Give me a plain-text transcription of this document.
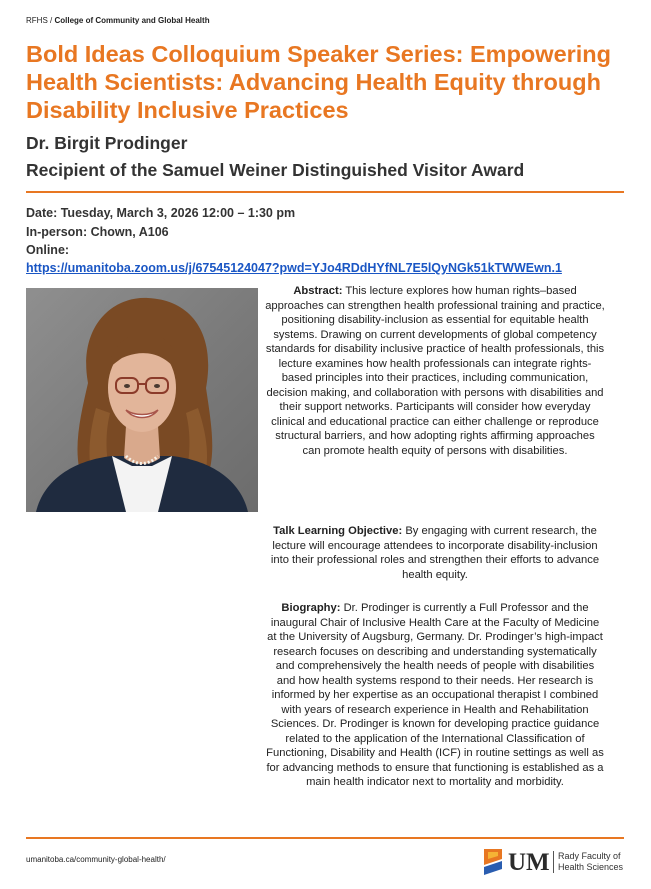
RFHS / College of Community and Global Health
Bold Ideas Colloquium Speaker Series: Empowering Health Scientists: Advancing Health Equity through Disability Inclusive Practices
Dr. Birgit Prodinger
Recipient of the Samuel Weiner Distinguished Visitor Award
Date: Tuesday, March 3, 2026 12:00 – 1:30 pm
In-person: Chown, A106
Online:
https://umanitoba.zoom.us/j/67545124047?pwd=YJo4RDdHYfNL7E5lQyNGk51kTWWEwn.1
Abstract: This lecture explores how human rights–based approaches can strengthen health professional training and practice, positioning disability-inclusion as essential for equitable health systems. Drawing on current developments of global competency standards for disability inclusive practice of health professionals, this lecture examines how health professionals can integrate rights-based principles into their practices, including communication, decision making, and collaboration with persons with disabilities and their support networks. Participants will consider how everyday clinical and educational practice can either challenge or reproduce structural barriers, and how adopting rights affirming approaches can promote health equity of persons with disabilities.
Talk Learning Objective: By engaging with current research, the lecture will encourage attendees to incorporate disability-inclusion into their professional roles and strengthen their efforts to advance health equity.
Biography: Dr. Prodinger is currently a Full Professor and the inaugural Chair of Inclusive Health Care at the Faculty of Medicine at the University of Augsburg, Germany. Dr. Prodinger’s high-impact research focuses on describing and understanding systematically and comprehensively the health needs of people with disabilities and how health systems respond to their needs. Her research is informed by her expertise as an occupational therapist I combined with years of research experience in Health and Rehabilitation Sciences. Dr. Prodinger is known for developing practice guidance related to the application of the International Classification of Functioning, Disability and Health (ICF) in routine settings as well as for advancing methods to ensure that functioning is established as a main health indicator next to mortality and morbidity.
umanitoba.ca/community-global-health/	UM Rady Faculty of
Health Sciences
